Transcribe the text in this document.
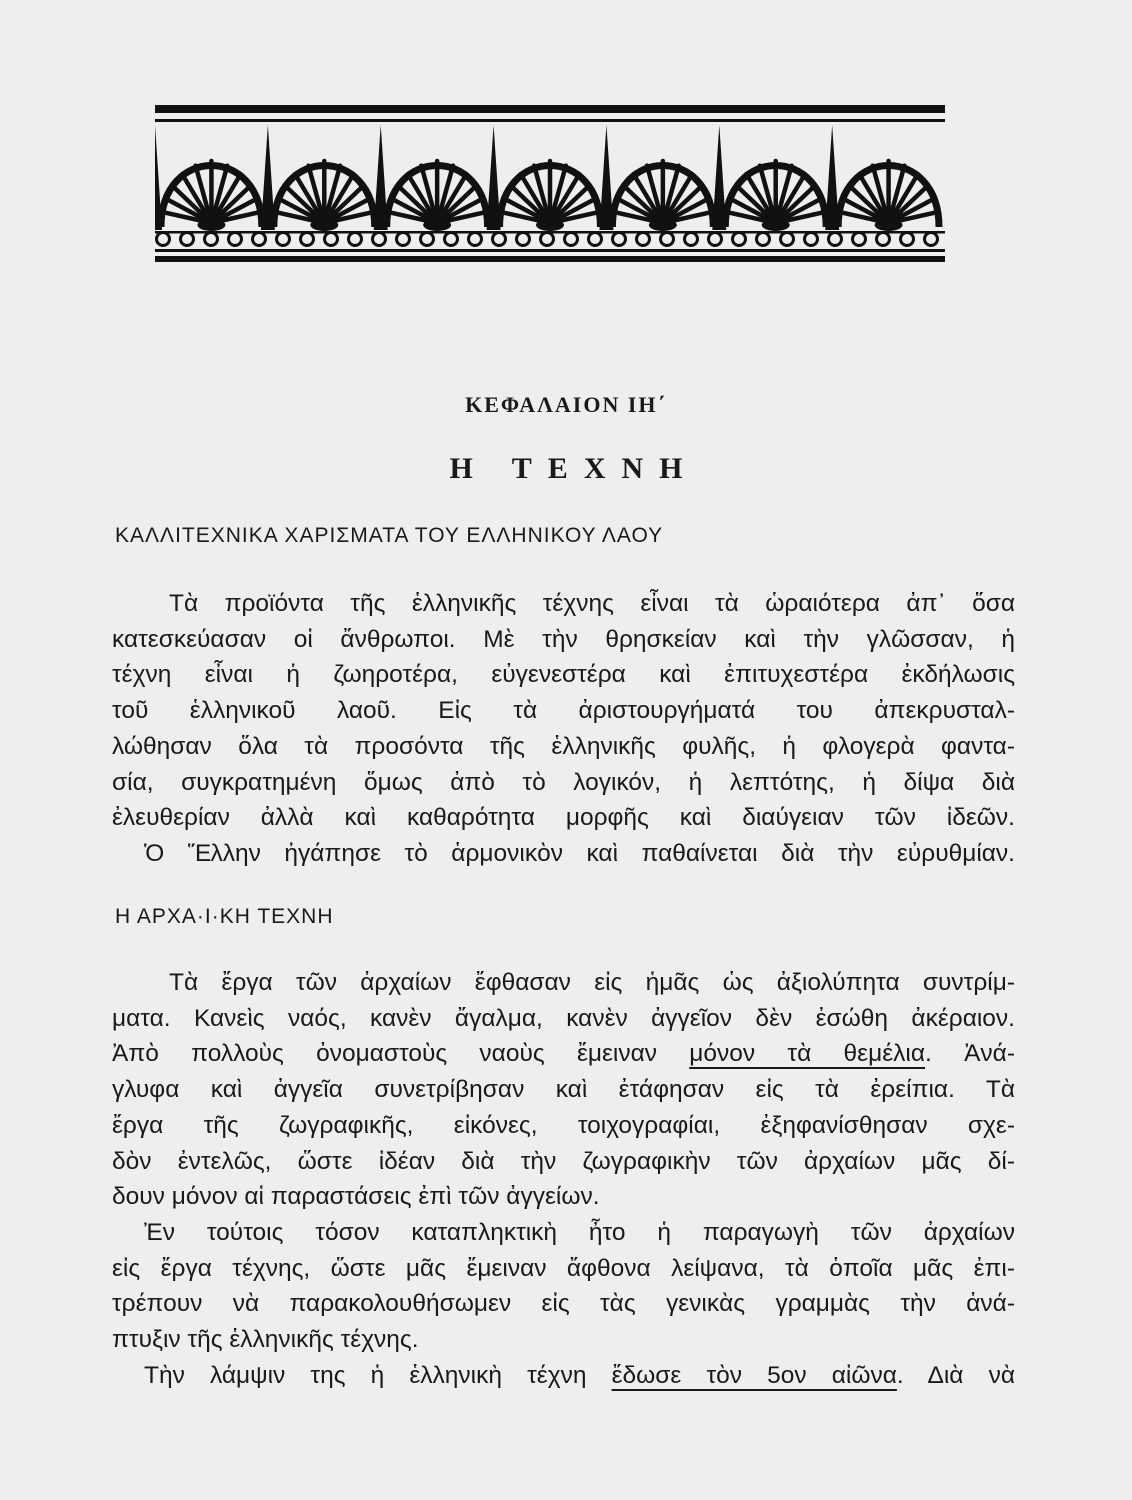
ΚΕΦΑΛΑΙΟΝ ΙΗ΄
Η ΤΕΧΝΗ
ΚΑΛΛΙΤΕΧΝΙΚΑ ΧΑΡΙΣΜΑΤΑ ΤΟΥ ΕΛΛΗΝΙΚΟΥ ΛΑΟΥ
Τὰ προϊόντα τῆς ἑλληνικῆς τέχνης εἶναι τὰ ὡραιότερα ἀπ᾽ ὅσα
κατεσκεύασαν οἱ ἄνθρωποι. Μὲ τὴν θρησκείαν καὶ τὴν γλῶσσαν, ἡ
τέχνη εἶναι ἡ ζωηροτέρα, εὐγενεστέρα καὶ ἐπιτυχεστέρα ἐκδήλωσις
τοῦ ἑλληνικοῦ λαοῦ. Εἰς τὰ ἀριστουργήματά του ἀπεκρυσταλ-
λώθησαν ὅλα τὰ προσόντα τῆς ἑλληνικῆς φυλῆς, ἡ φλογερὰ φαντα-
σία, συγκρατημένη ὅμως ἀπὸ τὸ λογικόν, ἡ λεπτότης, ἡ δίψα διὰ
ἐλευθερίαν ἀλλὰ καὶ καθαρότητα μορφῆς καὶ διαύγειαν τῶν ἰδεῶν.
Ὁ Ἕλλην ἠγάπησε τὸ ἁρμονικὸν καὶ παθαίνεται διὰ τὴν εὐρυθμίαν.
Η ΑΡΧΑ·Ι·ΚΗ ΤΕΧΝΗ
Τὰ ἔργα τῶν ἀρχαίων ἔφθασαν εἰς ἡμᾶς ὡς ἀξιολύπητα συντρίμ-
ματα. Κανεὶς ναός, κανὲν ἄγαλμα, κανὲν ἀγγεῖον δὲν ἐσώθη ἀκέραιον.
Ἀπὸ πολλοὺς ὀνομαστοὺς ναοὺς ἔμειναν μόνον τὰ θεμέλια. Ἀνά-
γλυφα καὶ ἀγγεῖα συνετρίβησαν καὶ ἐτάφησαν εἰς τὰ ἐρείπια. Τὰ
ἔργα τῆς ζωγραφικῆς, εἰκόνες, τοιχογραφίαι, ἐξηφανίσθησαν σχε-
δὸν ἐντελῶς, ὥστε ἰδέαν διὰ τὴν ζωγραφικὴν τῶν ἀρχαίων μᾶς δί-
δουν μόνον αἱ παραστάσεις ἐπὶ τῶν ἀγγείων.
Ἐν τούτοις τόσον καταπληκτικὴ ἦτο ἡ παραγωγὴ τῶν ἀρχαίων
εἰς ἔργα τέχνης, ὥστε μᾶς ἔμειναν ἄφθονα λείψανα, τὰ ὁποῖα μᾶς ἐπι-
τρέπουν νὰ παρακολουθήσωμεν εἰς τὰς γενικὰς γραμμὰς τὴν ἀνά-
πτυξιν τῆς ἑλληνικῆς τέχνης.
Τὴν λάμψιν της ἡ ἑλληνικὴ τέχνη ἔδωσε τὸν 5ον αἰῶνα. Διὰ νὰ
